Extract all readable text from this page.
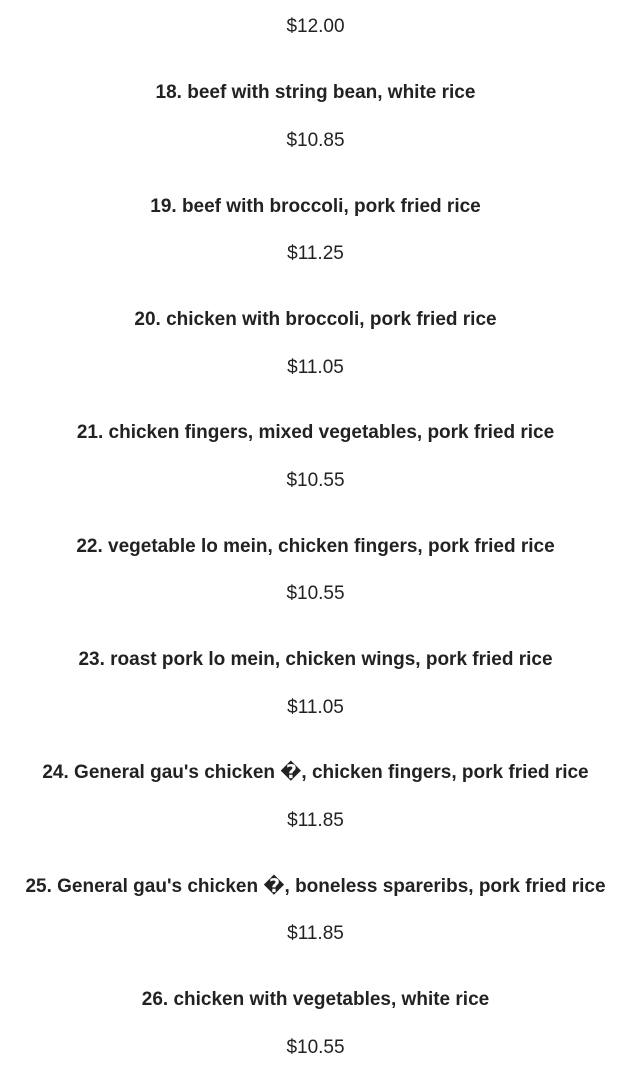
$12.00
18. beef with string bean, white rice
$10.85
19. beef with broccoli, pork fried rice
$11.25
20. chicken with broccoli, pork fried rice
$11.05
21. chicken fingers, mixed vegetables, pork fried rice
$10.55
22. vegetable lo mein, chicken fingers, pork fried rice
$10.55
23. roast pork lo mein, chicken wings, pork fried rice
$11.05
24. General gau's chicken �, chicken fingers, pork fried rice
$11.85
25. General gau's chicken �, boneless spareribs, pork fried rice
$11.85
26. chicken with vegetables, white rice
$10.55
